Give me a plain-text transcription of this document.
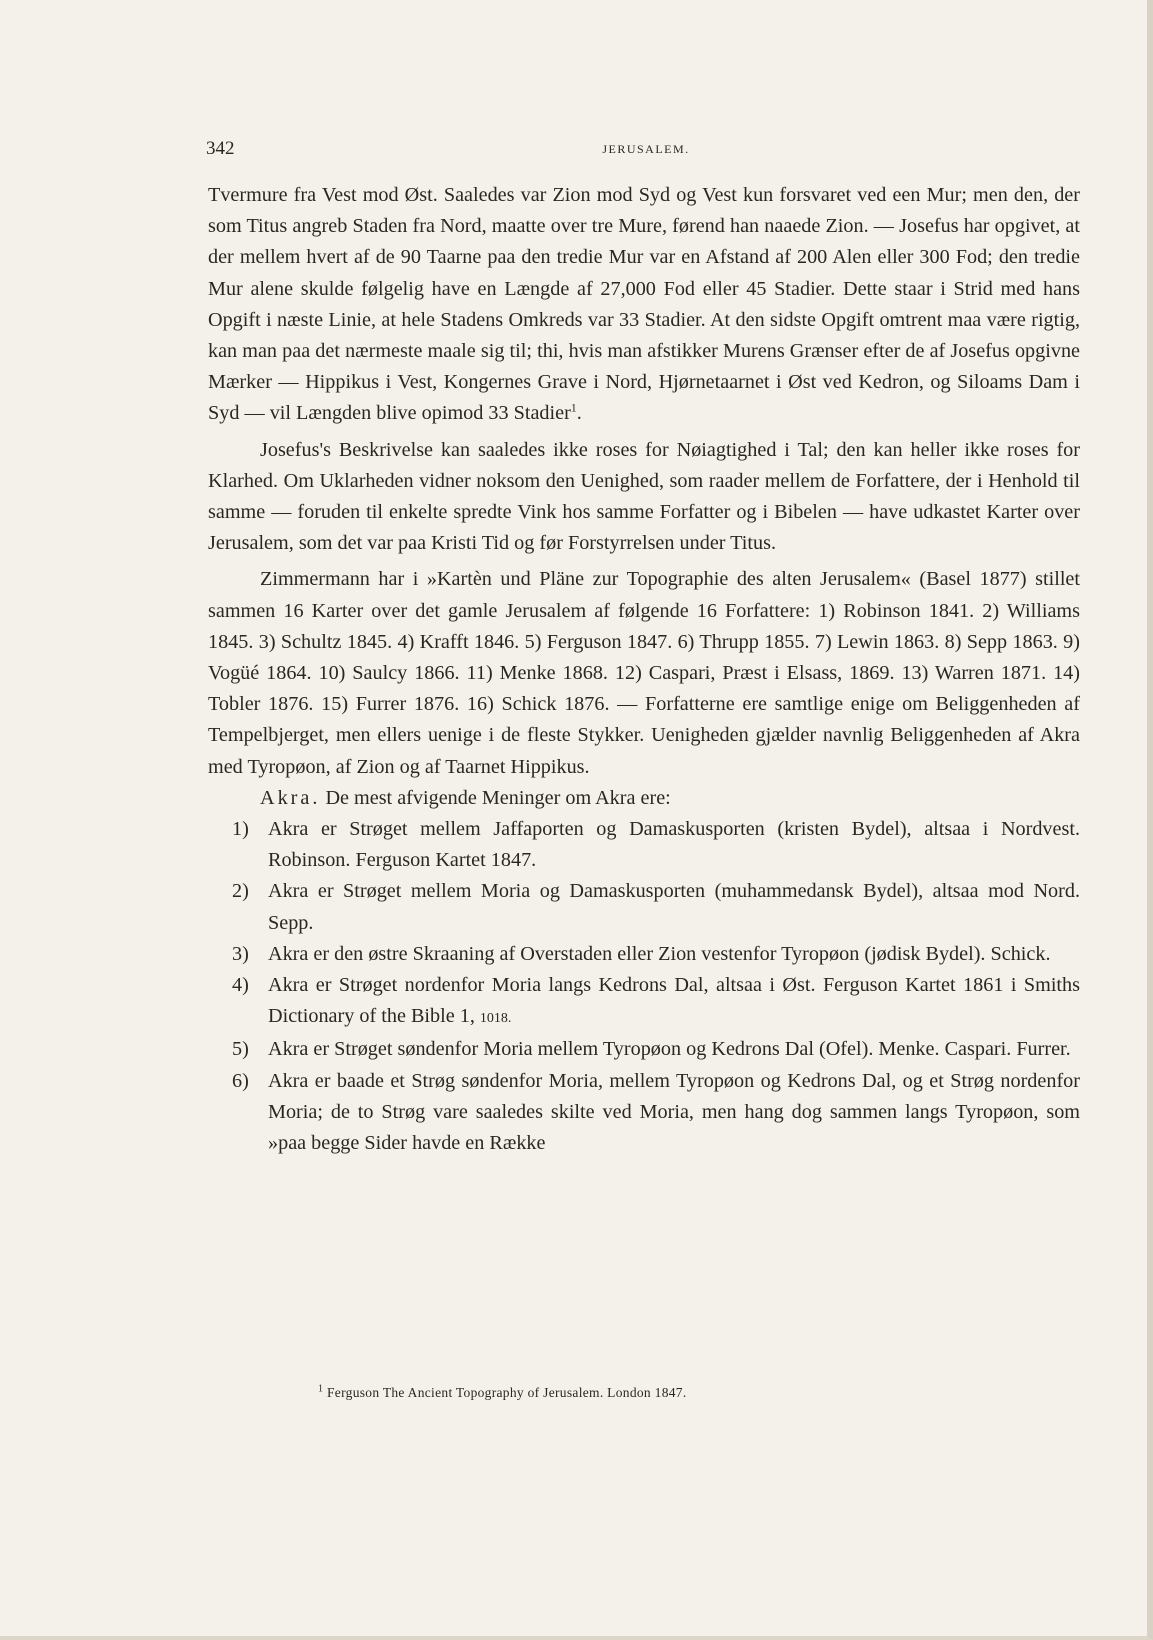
342	JERUSALEM.

Tvermure fra Vest mod Øst. Saaledes var Zion mod Syd og Vest kun forsvaret ved een Mur; men den, der som Titus angreb Staden fra Nord, maatte over tre Mure, førend han naaede Zion. — Josefus har opgivet, at der mellem hvert af de 90 Taarne paa den tredie Mur var en Afstand af 200 Alen eller 300 Fod; den tredie Mur alene skulde følgelig have en Længde af 27,000 Fod eller 45 Stadier. Dette staar i Strid med hans Opgift i næste Linie, at hele Stadens Omkreds var 33 Stadier. At den sidste Opgift omtrent maa være rigtig, kan man paa det nærmeste maale sig til; thi, hvis man afstikker Murens Grænser efter de af Josefus opgivne Mærker — Hippikus i Vest, Kongernes Grave i Nord, Hjørnetaarnet i Øst ved Kedron, og Siloams Dam i Syd — vil Længden blive opimod 33 Stadier$^1$.

Josefus's Beskrivelse kan saaledes ikke roses for Nøiagtighed i Tal; den kan heller ikke roses for Klarhed. Om Uklarheden vidner noksom den Uenighed, som raader mellem de Forfattere, der i Henhold til samme — foruden til enkelte spredte Vink hos samme Forfatter og i Bibelen — have udkastet Karter over Jerusalem, som det var paa Kristi Tid og før Forstyrrelsen under Titus.

Zimmermann har i »Kartèn und Pläne zur Topographie des alten Jerusalem« (Basel 1877) stillet sammen 16 Karter over det gamle Jerusalem af følgende 16 Forfattere: 1) Robinson 1841. 2) Williams 1845. 3) Schultz 1845. 4) Krafft 1846. 5) Ferguson 1847. 6) Thrupp 1855. 7) Lewin 1863. 8) Sepp 1863. 9) Vogüé 1864. 10) Saulcy 1866. 11) Menke 1868. 12) Caspari, Præst i Elsass, 1869. 13) Warren 1871. 14) Tobler 1876. 15) Furrer 1876. 16) Schick 1876. — Forfatterne ere samtlige enige om Beliggenheden af Tempelbjerget, men ellers uenige i de fleste Stykker. Uenigheden gjælder navnlig Beliggenheden af Akra med Tyropøon, af Zion og af Taarnet Hippikus.

Akra. De mest afvigende Meninger om Akra ere:

1) Akra er Strøget mellem Jaffaporten og Damaskusporten (kristen Bydel), altsaa i Nordvest. Robinson. Ferguson Kartet 1847.
2) Akra er Strøget mellem Moria og Damaskusporten (muhammedansk Bydel), altsaa mod Nord. Sepp.
3) Akra er den østre Skraaning af Overstaden eller Zion vestenfor Tyropøon (jødisk Bydel). Schick.
4) Akra er Strøget nordenfor Moria langs Kedrons Dal, altsaa i Øst. Ferguson Kartet 1861 i Smiths Dictionary of the Bible 1, 1018.
5) Akra er Strøget søndenfor Moria mellem Tyropøon og Kedrons Dal (Ofel). Menke. Caspari. Furrer.
6) Akra er baade et Strøg søndenfor Moria, mellem Tyropøon og Kedrons Dal, og et Strøg nordenfor Moria; de to Strøg vare saaledes skilte ved Moria, men hang dog sammen langs Tyropøon, som »paa begge Sider havde en Række
$^1$ Ferguson The Ancient Topography of Jerusalem. London 1847.
